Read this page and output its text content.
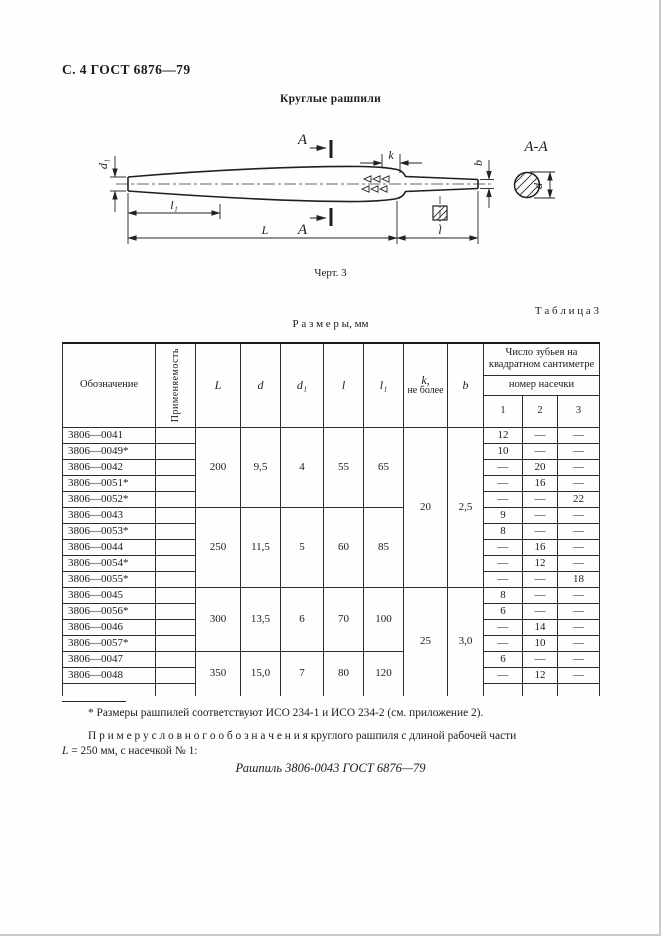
С. 4 ГОСТ 6876—79
Круглые рашпили
d₁
l₁
L	l
k
b
A
A
A-A
d
Черт. 3
Т а б л и ц а 3
Р а з м е р ы, мм
Обозначение	Применяемость	L	d	d₁	l	l₁	k,
не более	b	Число зубьев на квадратном сантиметре		
									номер насечки		
									1	2	3
3806—0041		200	9,5	4	55	65	20	2,5	12	—	—
3806—0049*									10	—	—
3806—0042									—	20	—
3806—0051*									—	16	—
3806—0052*									—	—	22
3806—0043		250	11,5	5	60	85			9	—	—
3806—0053*									8	—	—
3806—0044									—	16	—
3806—0054*									—	12	—
3806—0055*									—	—	18
3806—0045		300	13,5	6	70	100	25	3,0	8	—	—
3806—0056*									6	—	—
3806—0046									—	14	—
3806—0057*									—	10	—
3806—0047		350	15,0	7	80	120			6	—	—
3806—0048									—	12	—

* Размеры рашпилей соответствуют ИСО 234-1 и ИСО 234-2 (см. приложение 2).
П р и м е р у с л о в н о г о о б о з н а ч е н и я круглого рашпиля с длиной рабочей части
L = 250 мм, с насечкой № 1:
Рашпиль 3806-0043 ГОСТ 6876—79
